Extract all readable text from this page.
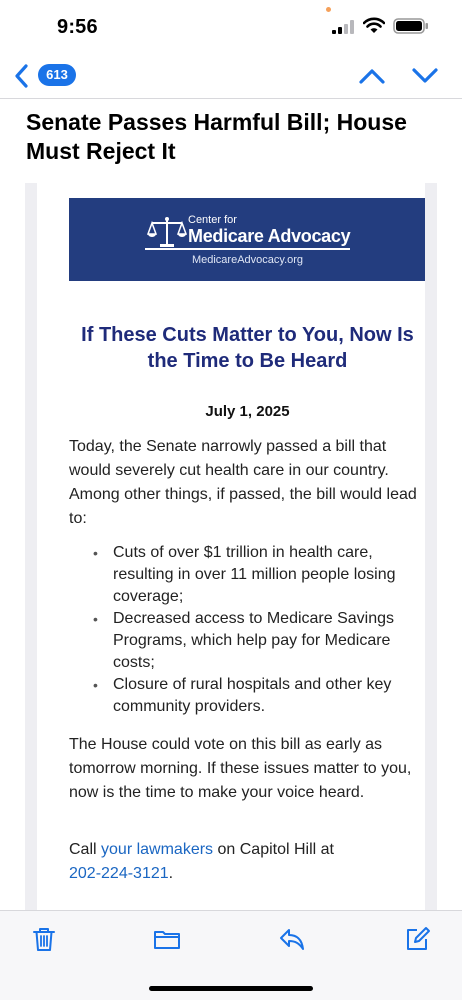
9:56
613
Senate Passes Harmful Bill; House Must Reject It
Center for
Medicare Advocacy
MedicareAdvocacy.org
If These Cuts Matter to You, Now Is the Time to Be Heard
July 1, 2025

Today, the Senate narrowly passed a bill that would severely cut health care in our country. Among other things, if passed, the bill would lead to:

• Cuts of over $1 trillion in health care, resulting in over 11 million people losing coverage;
• Decreased access to Medicare Savings Programs, which help pay for Medicare costs;
• Closure of rural hospitals and other key community providers.

The House could vote on this bill as early as tomorrow morning. If these issues matter to you, now is the time to make your voice heard.

Call your lawmakers on Capitol Hill at
202-224-3121.
